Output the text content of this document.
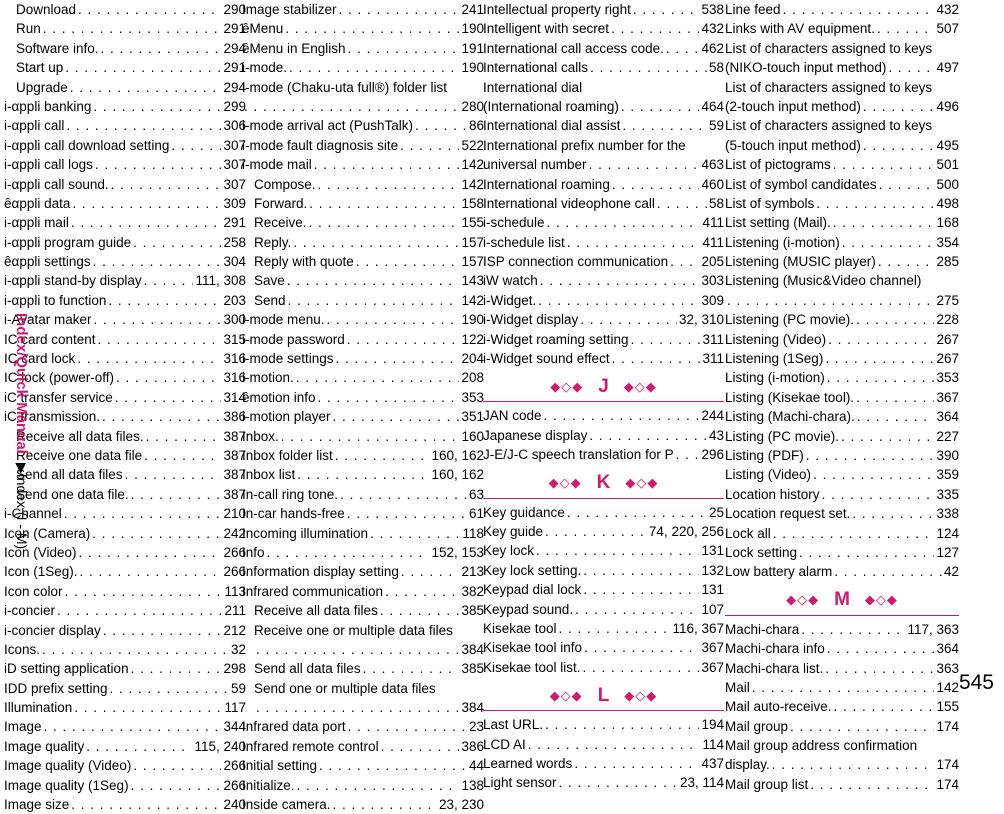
Download . . .	290
Run . . .	291
Software info. . . .	294
Start up . . .	291
Upgrade . . .	294
i-αppli banking . . .	299
i-αppli call . . .	306
i-αppli call download setting . . .	307
i-αppli call logs . . .	307
i-αppli call sound. . . .	307
ȇαppli data . . .	309
i-αppli mail . . .	291
i-αppli program guide . . .	258
ȇαppli settings . . .	304
i-αppli stand-by display . . .	111, 308
i-αppli to function . . .	203
i-Avatar maker . . .	300
IC card content . . .	315
IC card lock . . .	316
IC lock (power-off) . . .	316
iC transfer service . . .	314
iC transmission. . . .	386
Receive all data files. . . .	387
Receive one data file . . .	387
Send all data files . . .	387
Send one data file. . . .	387
i-Channel . . .	210
Icon (Camera) . . .	242
Icon (Video) . . .	266
Icon (1Seg). . . .	266
Icon color . . .	113
i-concier . . .	211
i-concier display . . .	212
Icons. . . .	32
iD setting application . . .	298
IDD prefix setting . . .	59
Illumination . . .	117
Image . . .	344
Image quality . . .	115, 240
Image quality (Video) . . .	266
Image quality (1Seg) . . .	266
Image size . . .	240
Image stabilizer . . .	241
ȇMenu . . .	190
ȇMenu in English . . .	191
i-mode. . . .	190
i-mode (Chaku-uta full®) folder list
. . .
280
i-mode arrival act (PushTalk) . . .	86
i-mode fault diagnosis site . . .	522
i-mode mail . . .	142
Compose. . . .	142
Forward. . . .	158
Receive. . . .	155
Reply. . . .	157
Reply with quote . . .	157
Save . . .	143
Send . . .	142
i-mode menu. . . .	190
i-mode password . . .	122
i-mode settings . . .	204
i-motion. . . .	208
ȇmotion info . . .	353
i-motion player . . .	351
Inbox. . . .	160
Inbox folder list . . .	160, 162
Inbox list . . .	160, 162
In-call ring tone. . . .	63
In-car hands-free . . .	61
Incoming illumination . . .	118
Info . . .	152, 153
Information display setting . . .	213
Infrared communication . . .	382
Receive all data files . . .	385
Receive one or multiple data files
. . .
384
Send all data files . . .	385
Send one or multiple data files
. . .
384
Infrared data port . . .	23
Infrared remote control . . .	386
Initial setting . . .	44
Initialize. . . .	138
Inside camera. . . .	23, 230
Intellectual property right . . .	538
Intelligent with secret . . .	432
International call access code. . . .	462
International calls . . .	58
International dial
(International roaming) . . .	464
International dial assist . . .	59
International prefix number for the
universal number . . .	463
International roaming . . .	460
International videophone call . . .	58
i-schedule . . .	411
i-schedule list . . .	411
ISP connection communication . . . 205
iW watch . . .	303
i-Widget. . . .	309
i-Widget display . . .	32, 310
i-Widget roaming setting . . .	311
i-Widget sound effect . . .	311
◆◇◆ J ◆◇◆
JAN code . . .	244
Japanese display . . .	43
J-E/J-C speech translation for P . . . 296
◆◇◆ K ◆◇◆
Key guidance . . .	25
Key guide . . .	74, 220, 256
Key lock . . .	131
Key lock setting. . . .	132
Keypad dial lock . . .	131
Keypad sound. . . .	107
Kisekae tool . . .	116, 367
Kisekae tool info . . .	367
Kisekae tool list. . . .	367
◆◇◆ L ◆◇◆
Last URL. . . .	194
LCD AI . . .	114
Learned words . . .	437
Light sensor . . .	23, 114
Line feed . . .	432
Links with AV equipment. . . .	507
List of characters assigned to keys
(NIKO-touch input method) . . .	497
List of characters assigned to keys
(2-touch input method) . . .	496
List of characters assigned to keys
(5-touch input method) . . .	495
List of pictograms . . .	501
List of symbol candidates . . .	500
List of symbols . . .	498
List setting (Mail). . . .	168
Listening (i-motion) . . .	354
Listening (MUSIC player) . . .	285
Listening (Music&Video channel)
. . .
275
Listening (PC movie). . . .	228
Listening (Video) . . .	267
Listening (1Seg) . . .	267
Listing (i-motion) . . .	353
Listing (Kisekae tool). . . .	367
Listing (Machi-chara). . . .	364
Listing (PC movie). . . .	227
Listing (PDF) . . .	390
Listing (Video) . . .	359
Location history . . .	335
Location request set. . . .	338
Lock all . . .	124
Lock setting . . .	127
Low battery alarm . . .	42
◆◇◆ M ◆◇◆
Machi-chara . . .	117, 363
Machi-chara info . . .	364
Machi-chara list. . . .	363
Mail . . .	142
Mail auto-receive. . . .	155
Mail group . . .	174
Mail group address confirmation
display. . . .	174
Mail group list . . .	174
Index/Quick Manual
▶Index (I - M)
545
